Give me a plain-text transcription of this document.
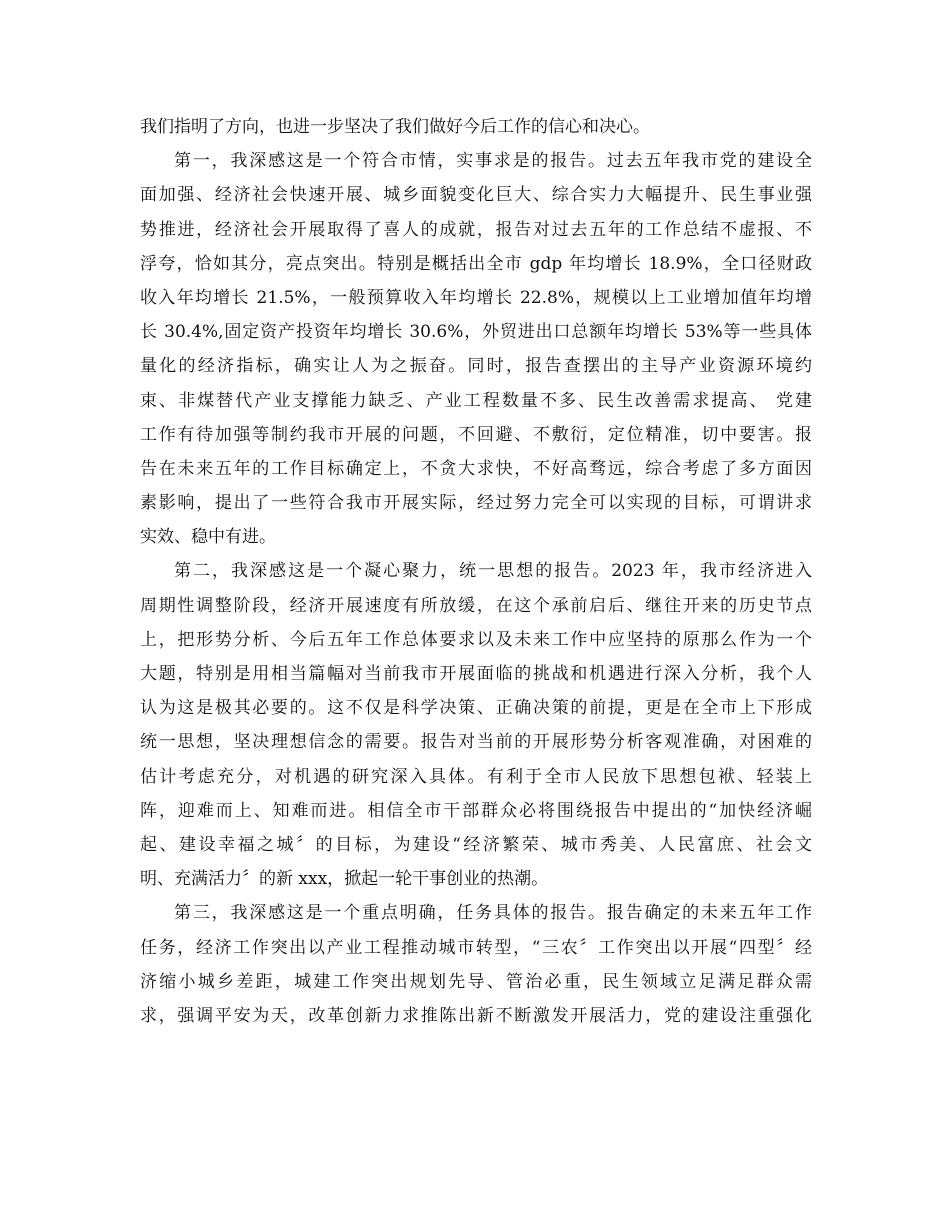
我们指明了方向，也进一步坚决了我们做好今后工作的信心和决心。
第一，我深感这是一个符合市情，实事求是的报告。过去五年我市党的建设全
面加强、经济社会快速开展、城乡面貌变化巨大、综合实力大幅提升、民生事业强
势推进，经济社会开展取得了喜人的成就，报告对过去五年的工作总结不虚报、不
浮夸，恰如其分，亮点突出。特别是概括出全市 gdp 年均增长 18.9%，全口径财政
收入年均增长 21.5%，一般预算收入年均增长 22.8%，规模以上工业增加值年均增
长 30.4%,固定资产投资年均增长 30.6%，外贸进出口总额年均增长 53%等一些具体
量化的经济指标，确实让人为之振奋。同时，报告查摆出的主导产业资源环境约
束、非煤替代产业支撑能力缺乏、产业工程数量不多、民生改善需求提高、 党建
工作有待加强等制约我市开展的问题，不回避、不敷衍，定位精准，切中要害。报
告在未来五年的工作目标确定上，不贪大求快，不好高骛远，综合考虑了多方面因
素影响，提出了一些符合我市开展实际，经过努力完全可以实现的目标，可谓讲求
实效、稳中有进。
第二，我深感这是一个凝心聚力，统一思想的报告。2023 年，我市经济进入
周期性调整阶段，经济开展速度有所放缓，在这个承前启后、继往开来的历史节点
上，把形势分析、今后五年工作总体要求以及未来工作中应坚持的原那么作为一个
大题，特别是用相当篇幅对当前我市开展面临的挑战和机遇进行深入分析，我个人
认为这是极其必要的。这不仅是科学决策、正确决策的前提，更是在全市上下形成
统一思想，坚决理想信念的需要。报告对当前的开展形势分析客观准确，对困难的
估计考虑充分，对机遇的研究深入具体。有利于全市人民放下思想包袱、轻装上
阵，迎难而上、知难而进。相信全市干部群众必将围绕报告中提出的“加快经济崛
起、建设幸福之城〞的目标，为建设“经济繁荣、城市秀美、人民富庶、社会文
明、充满活力〞的新 xxx，掀起一轮干事创业的热潮。
第三，我深感这是一个重点明确，任务具体的报告。报告确定的未来五年工作
任务，经济工作突出以产业工程推动城市转型，“三农〞工作突出以开展“四型〞经
济缩小城乡差距，城建工作突出规划先导、管治必重，民生领域立足满足群众需
求，强调平安为天，改革创新力求推陈出新不断激发开展活力，党的建设注重强化
